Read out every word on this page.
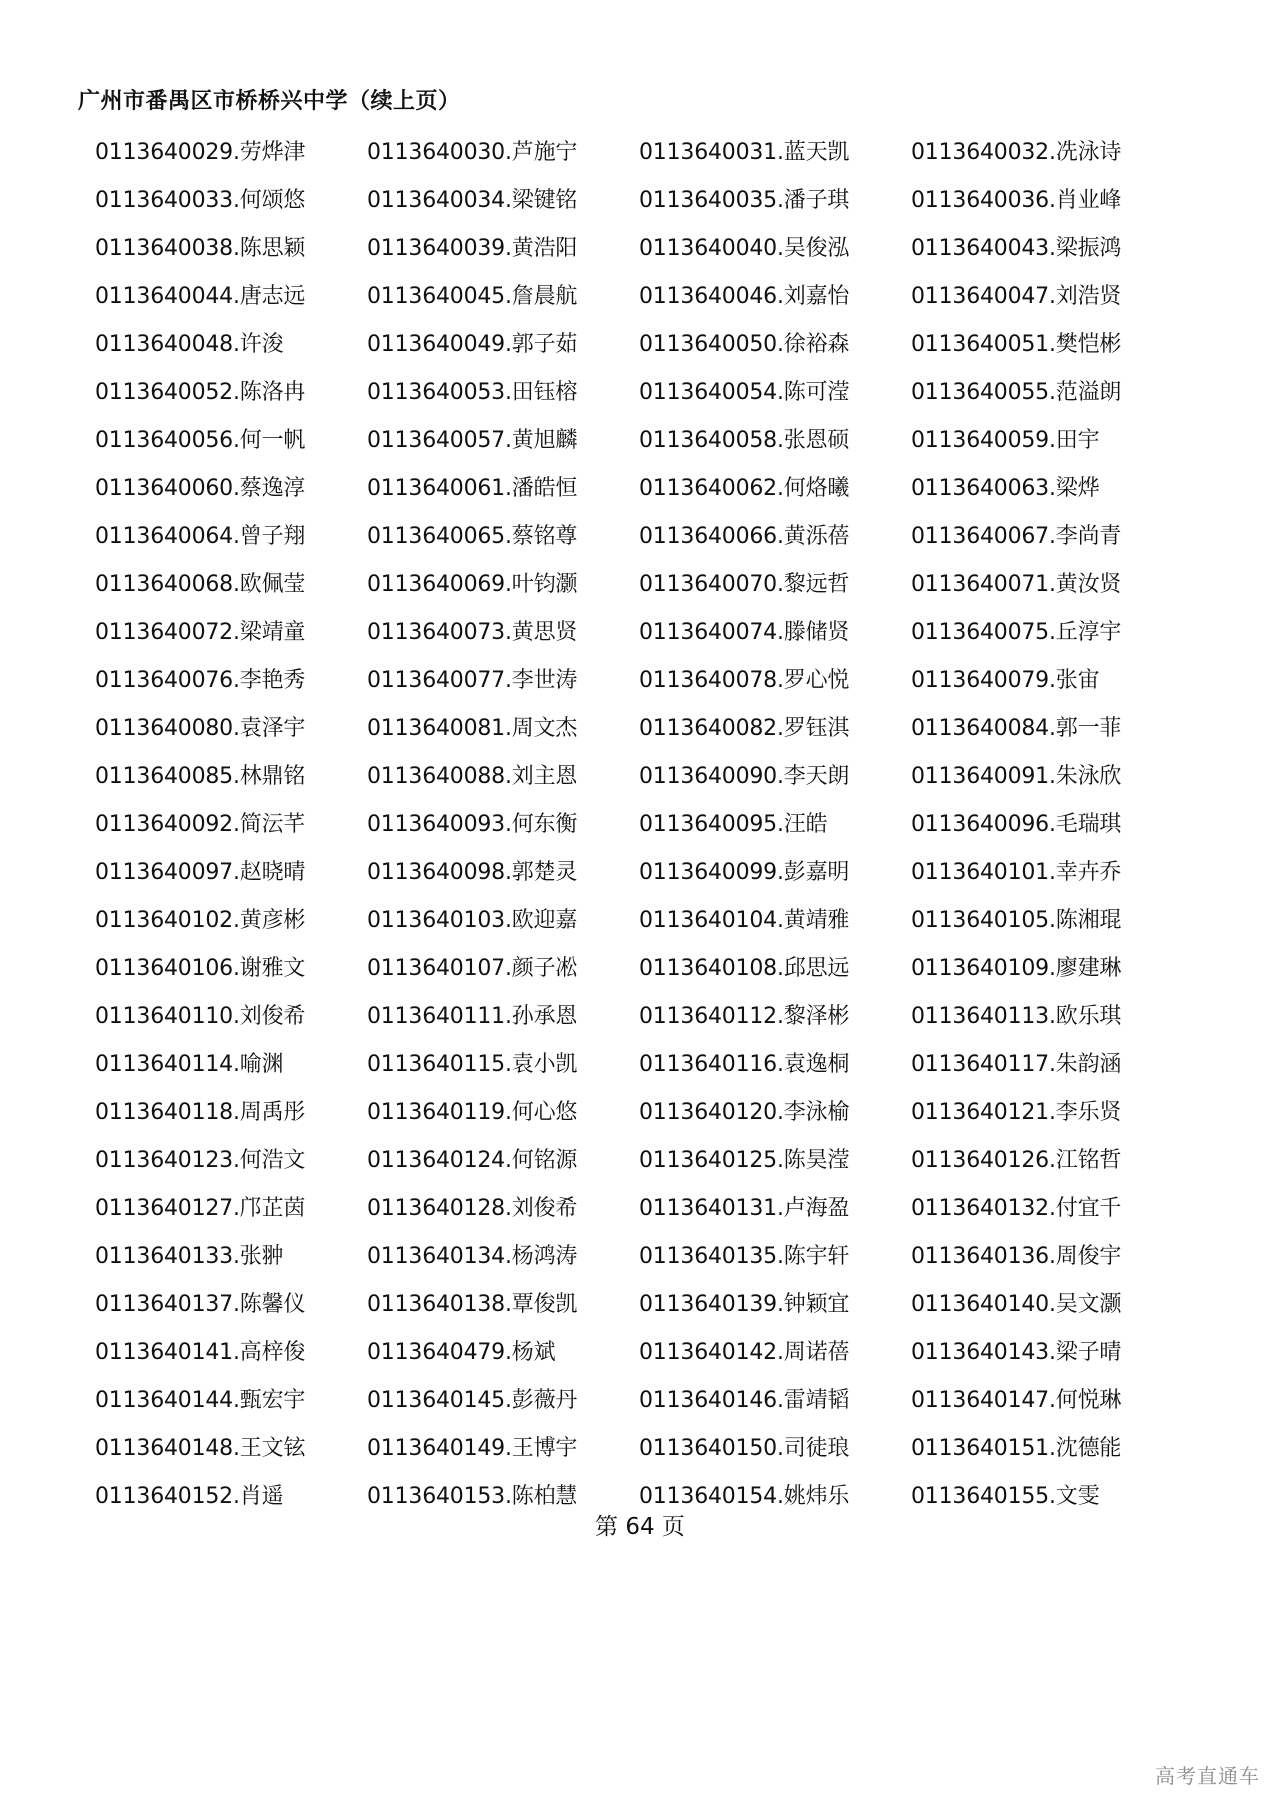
广州市番禺区市桥桥兴中学（续上页）
0113640029.劳烨津	0113640030.芦施宁	0113640031.蓝天凯	0113640032.冼泳诗
0113640033.何颂悠	0113640034.梁键铭	0113640035.潘子琪	0113640036.肖业峰
0113640038.陈思颖	0113640039.黄浩阳	0113640040.吴俊泓	0113640043.梁振鸿
0113640044.唐志远	0113640045.詹晨航	0113640046.刘嘉怡	0113640047.刘浩贤
0113640048.许浚	0113640049.郭子茹	0113640050.徐裕森	0113640051.樊恺彬
0113640052.陈洛冉	0113640053.田钰榕	0113640054.陈可滢	0113640055.范溢朗
0113640056.何一帆	0113640057.黄旭麟	0113640058.张恩硕	0113640059.田宇
0113640060.蔡逸淳	0113640061.潘皓恒	0113640062.何烙曦	0113640063.梁烨
0113640064.曾子翔	0113640065.蔡铭尊	0113640066.黄泺蓓	0113640067.李尚青
0113640068.欧佩莹	0113640069.叶钧灏	0113640070.黎远哲	0113640071.黄汝贤
0113640072.梁靖童	0113640073.黄思贤	0113640074.滕储贤	0113640075.丘淳宇
0113640076.李艳秀	0113640077.李世涛	0113640078.罗心悦	0113640079.张宙
0113640080.袁泽宇	0113640081.周文杰	0113640082.罗钰淇	0113640084.郭一菲
0113640085.林鼎铭	0113640088.刘主恩	0113640090.李天朗	0113640091.朱泳欣
0113640092.简沄芊	0113640093.何东衡	0113640095.汪皓	0113640096.毛瑞琪
0113640097.赵晓晴	0113640098.郭楚灵	0113640099.彭嘉明	0113640101.幸卉乔
0113640102.黄彦彬	0113640103.欧迎嘉	0113640104.黄靖雅	0113640105.陈湘琨
0113640106.谢雅文	0113640107.颜子凇	0113640108.邱思远	0113640109.廖建琳
0113640110.刘俊希	0113640111.孙承恩	0113640112.黎泽彬	0113640113.欧乐琪
0113640114.喻渊	0113640115.袁小凯	0113640116.袁逸桐	0113640117.朱韵涵
0113640118.周禹彤	0113640119.何心悠	0113640120.李泳榆	0113640121.李乐贤
0113640123.何浩文	0113640124.何铭源	0113640125.陈昊滢	0113640126.江铭哲
0113640127.邝芷茵	0113640128.刘俊希	0113640131.卢海盈	0113640132.付宜千
0113640133.张翀	0113640134.杨鸿涛	0113640135.陈宇轩	0113640136.周俊宇
0113640137.陈馨仪	0113640138.覃俊凯	0113640139.钟颖宜	0113640140.吴文灏
0113640141.高梓俊	0113640479.杨斌	0113640142.周诺蓓	0113640143.梁子晴
0113640144.甄宏宇	0113640145.彭薇丹	0113640146.雷靖韬	0113640147.何悦琳
0113640148.王文铉	0113640149.王博宇	0113640150.司徒琅	0113640151.沈德能
0113640152.肖遥	0113640153.陈柏慧	0113640154.姚炜乐	0113640155.文雯
第 64 页
高考直通车
